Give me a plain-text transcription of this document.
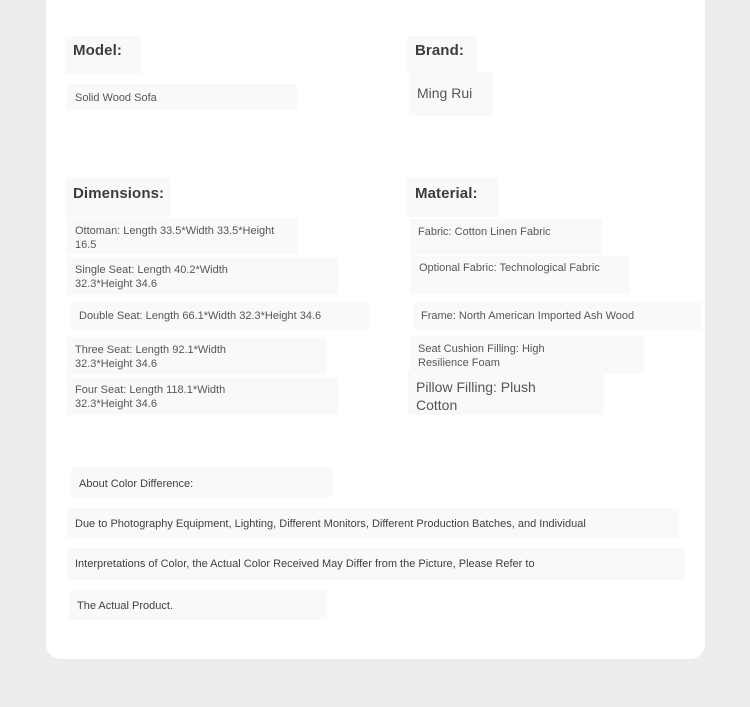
Model:
Solid Wood Sofa
Brand:
Ming Rui
Dimensions:
Ottoman: Length 33.5*Width 33.5*Height 16.5
Single Seat: Length 40.2*Width 32.3*Height 34.6
Double Seat: Length 66.1*Width 32.3*Height 34.6
Three Seat: Length 92.1*Width 32.3*Height 34.6
Four Seat: Length 118.1*Width 32.3*Height 34.6
Material:
Fabric: Cotton Linen Fabric
Optional Fabric: Technological Fabric
Frame: North American Imported Ash Wood
Seat Cushion Filling: High Resilience Foam
Pillow Filling: Plush Cotton
About Color Difference:
Due to Photography Equipment, Lighting, Different Monitors, Different Production Batches, and Individual
Interpretations of Color, the Actual Color Received May Differ from the Picture, Please Refer to
The Actual Product.
